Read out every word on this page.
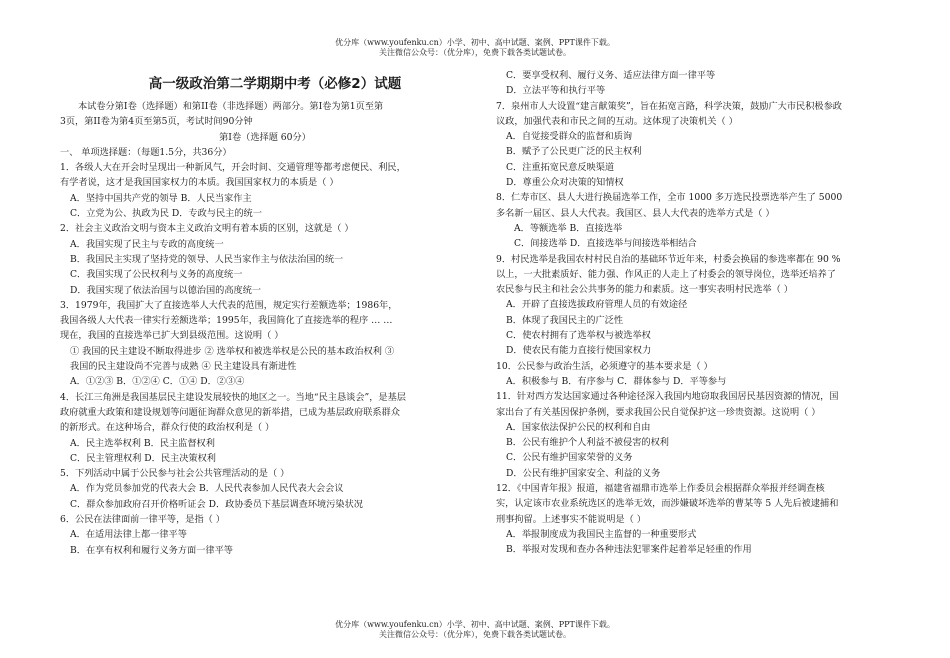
优分库（www.youfenku.cn）小学、初中、高中试题、案例、PPT课件下载。
关注微信公众号：（优分库），免费下载各类试题试卷。
高一级政治第二学期期中考（必修2）试题
本试卷分第Ⅰ卷（选择题）和第II卷（非选择题）两部分。第Ⅰ卷为第1页至第
3页，第II卷为第4页至第5页，考试时间90分钟
第Ⅰ卷（选择题 60分）
一、 单项选择题：（每题1.5分，共36分）
1．各级人大在开会时呈现出一种新风气，开会时间、交通管理等都考虑便民、利民，
有学者说，这才是我国国家权力的本质。我国国家权力的本质是（ ）
A．坚持中国共产党的领导 B．人民当家作主
C．立党为公、执政为民 D．专政与民主的统一
2．社会主义政治文明与资本主义政治文明有着本质的区别，这就是（ ）
A．我国实现了民主与专政的高度统一
B．我国民主实现了坚持党的领导、人民当家作主与依法治国的统一
C．我国实现了公民权利与义务的高度统一
D．我国实现了依法治国与以德治国的高度统一
3．1979年，我国扩大了直接选举人大代表的范围，规定实行差额选举；1986年，
我国各级人大代表一律实行差额选举；1995年，我国简化了直接选举的程序 … …
现在，我国的直接选举已扩大到县级范围。这说明（ ）
① 我国的民主建设不断取得进步 ② 选举权和被选举权是公民的基本政治权利 ③
我国的民主建设尚不完善与成熟 ④ 民主建设具有渐进性
A．①②③ B．①②④ C．①④ D．②③④
4．长江三角洲是我国基层民主建设发展较快的地区之一。当地“民主恳谈会”，是基层
政府就重大政策和建设规划等问题征询群众意见的新举措，已成为基层政府联系群众
的新形式。在这种场合，群众行使的政治权利是（ ）
A．民主选举权利 B．民主监督权利
C．民主管理权利 D．民主决策权利
5．下列活动中属于公民参与社会公共管理活动的是（ ）
A．作为党员参加党的代表大会 B．人民代表参加人民代表大会会议
C．群众参加政府召开价格听证会 D．政协委员下基层调查环境污染状况
6．公民在法律面前一律平等，是指（ ）
A．在适用法律上都一律平等
B．在享有权利和履行义务方面一律平等
C．要享受权利、履行义务、适应法律方面一律平等
D．立法平等和执行平等
7．泉州市人大设置“建言献策奖”，旨在拓宽言路，科学决策，鼓励广大市民积极参政
议政，加强代表和市民之间的互动。这体现了决策机关（ ）
A．自觉接受群众的监督和质询
B．赋予了公民更广泛的民主权利
C．注重拓宽民意反映渠道
D．尊重公众对决策的知情权
8．仁寿市区、县人大进行换届选举工作，全市 1000 多万选民投票选举产生了 5000
多名新一届区、县人大代表。我国区、县人大代表的选举方式是（ ）
A．等额选举 B．直接选举
C．间接选举 D．直接选举与间接选举相结合
9．村民选举是我国农村村民自治的基础环节近年来，村委会换届的参选率都在 90 %
以上，一大批素质好、能力强、作风正的人走上了村委会的领导岗位，选举还培养了
农民参与民主和社会公共事务的能力和素质。这一事实表明村民选举（ ）
A．开辟了直接选拔政府管理人员的有效途径
B．体现了我国民主的广泛性
C．使农村拥有了选举权与被选举权
D．使农民有能力直接行使国家权力
10．公民参与政治生活，必须遵守的基本要求是（ ）
A．积极参与 B．有序参与 C．群体参与 D．平等参与
11．针对西方发达国家通过各种途径深入我国内地窃取我国居民基因资源的情况，国
家出台了有关基因保护条例，要求我国公民自觉保护这一珍贵资源。这说明（ ）
A．国家依法保护公民的权利和自由
B．公民有维护个人利益不被侵害的权利
C．公民有维护国家荣誉的义务
D．公民有维护国家安全、利益的义务
12．《中国青年报》报道，福建省福鼎市选举上作委员会根据群众举报并经调查核
实，认定该市农业系统选区的选举无效，而涉嫌破坏选举的曹某等 5 人先后被逮捕和
刑事拘留。上述事实不能说明是（ ）
A．举报制度成为我国民主监督的一种重要形式
B．举报对发现和查办各种违法犯罪案件起着举足轻重的作用
优分库（www.youfenku.cn）小学、初中、高中试题、案例、PPT课件下载。
关注微信公众号：（优分库），免费下载各类试题试卷。
